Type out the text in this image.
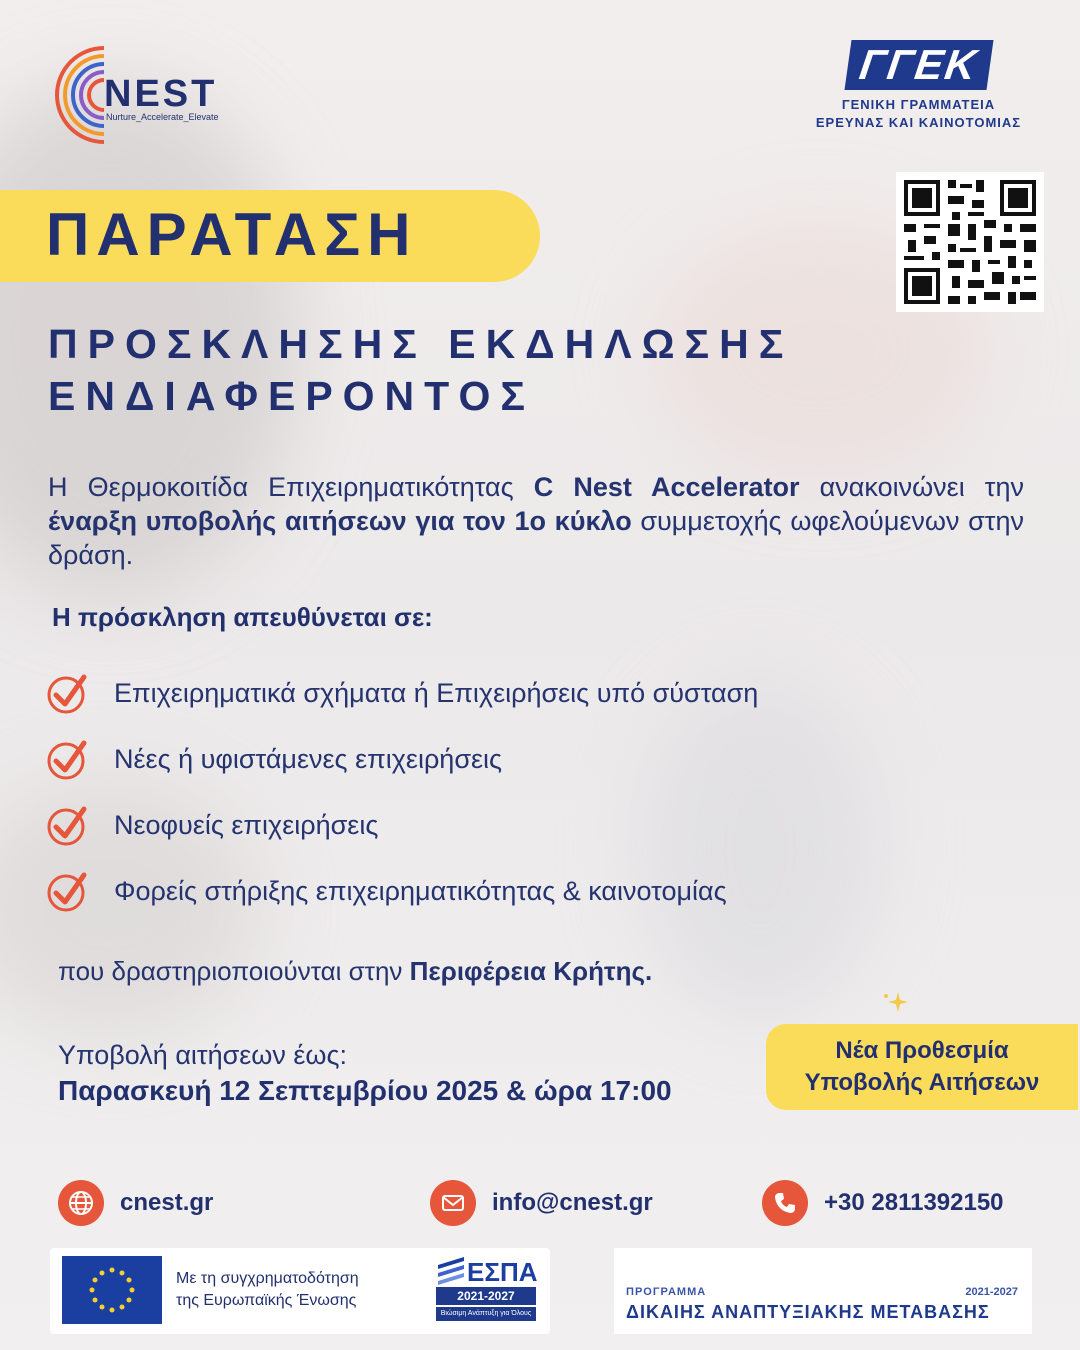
NEST
Nurture_Accelerate_Elevate
ΓΓΕΚ
ΓΕΝΙΚΗ ΓΡΑΜΜΑΤΕΙΑ
ΕΡΕΥΝΑΣ ΚΑΙ ΚΑΙΝΟΤΟΜΙΑΣ
ΠΑΡΑΤΑΣΗ
ΠΡΟΣΚΛΗΣΗΣ ΕΚΔΗΛΩΣΗΣ
ΕΝΔΙΑΦΕΡΟΝΤΟΣ
Η Θερμοκοιτίδα Επιχειρηματικότητας C Nest Accelerator ανακοινώνει την έναρξη υποβολής αιτήσεων για τον 1ο κύκλο συμμετοχής ωφελούμενων στην δράση.
Η πρόσκληση απευθύνεται σε:
Επιχειρηματικά σχήματα ή Επιχειρήσεις υπό σύσταση
Νέες ή υφιστάμενες επιχειρήσεις
Νεοφυείς επιχειρήσεις
Φορείς στήριξης επιχειρηματικότητας & καινοτομίας
που δραστηριοποιούνται στην Περιφέρεια Κρήτης.
Υποβολή αιτήσεων έως:
Παρασκευή 12 Σεπτεμβρίου 2025 & ώρα 17:00
Νέα Προθεσμία
Υποβολής Αιτήσεων
cnest.gr	info@cnest.gr	+30 2811392150
Με τη συγχρηματοδότηση
της Ευρωπαϊκής Ένωσης
ΕΣΠΑ
2021-2027
Βιώσιμη Ανάπτυξη για Όλους
ΠΡΟΓΡΑΜΜΑ	2021-2027
ΔΙΚΑΙΗΣ ΑΝΑΠΤΥΞΙΑΚΗΣ ΜΕΤΑΒΑΣΗΣ
